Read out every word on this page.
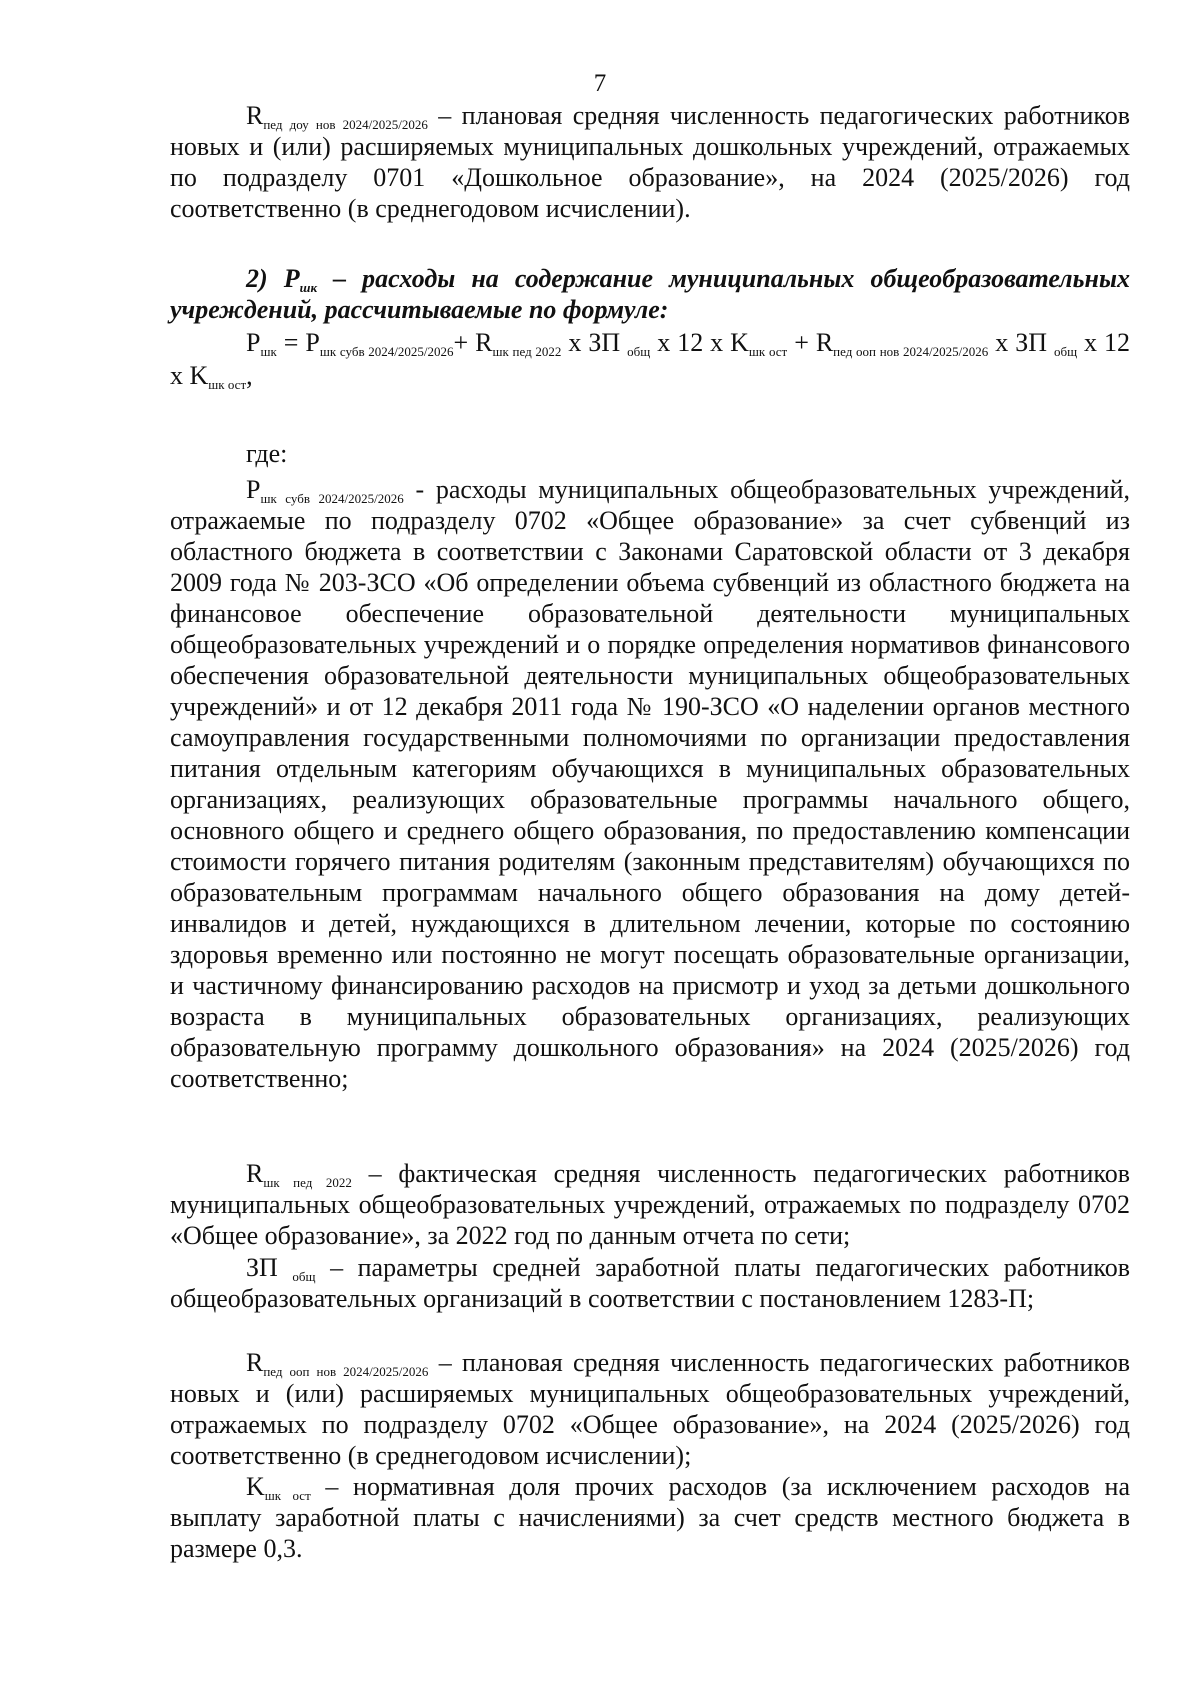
7

$R_{пед доу нов 2024/2025/2026}$ – плановая средняя численность педагогических работников новых и (или) расширяемых муниципальных дошкольных учреждений, отражаемых по подразделу 0701 «Дошкольное образование», на 2024 (2025/2026) год соответственно (в среднегодовом исчислении).

2) $Р_{шк}$ – расходы на содержание муниципальных общеобразовательных учреждений, рассчитываемые по формуле:

$Р_{шк} = Р_{шк субв 2024/2025/2026}+ R_{шк пед 2022}$ х ЗП $_{общ}$ х 12 х $K_{шк ост} + R_{пед ооп нов 2024/2025/2026}$ х ЗП $_{общ}$ х 12 х $K_{шк ост}$,

где:

$Р_{шк субв 2024/2025/2026}$ - расходы муниципальных общеобразовательных учреждений, отражаемые по подразделу 0702 «Общее образование» за счет субвенций из областного бюджета в соответствии с Законами Саратовской области от 3 декабря 2009 года № 203-ЗСО «Об определении объема субвенций из областного бюджета на финансовое обеспечение образовательной деятельности муниципальных общеобразовательных учреждений и о порядке определения нормативов финансового обеспечения образовательной деятельности муниципальных общеобразовательных учреждений» и от 12 декабря 2011 года № 190-ЗСО «О наделении органов местного самоуправления государственными полномочиями по организации предоставления питания отдельным категориям обучающихся в муниципальных образовательных организациях, реализующих образовательные программы начального общего, основного общего и среднего общего образования, по предоставлению компенсации стоимости горячего питания родителям (законным представителям) обучающихся по образовательным программам начального общего образования на дому детей-инвалидов и детей, нуждающихся в длительном лечении, которые по состоянию здоровья временно или постоянно не могут посещать образовательные организации, и частичному финансированию расходов на присмотр и уход за детьми дошкольного возраста в муниципальных образовательных организациях, реализующих образовательную программу дошкольного образования» на 2024 (2025/2026) год соответственно;

$R_{шк пед 2022}$ – фактическая средняя численность педагогических работников муниципальных общеобразовательных учреждений, отражаемых по подразделу 0702 «Общее образование», за 2022 год по данным отчета по сети;

ЗП $_{общ}$ – параметры средней заработной платы педагогических работников общеобразовательных организаций в соответствии с постановлением 1283-П;

$R_{пед ооп нов 2024/2025/2026}$ – плановая средняя численность педагогических работников новых и (или) расширяемых муниципальных общеобразовательных учреждений, отражаемых по подразделу 0702 «Общее образование», на 2024 (2025/2026) год соответственно (в среднегодовом исчислении);

$K_{шк ост}$ – нормативная доля прочих расходов (за исключением расходов на выплату заработной платы с начислениями) за счет средств местного бюджета в размере 0,3.
